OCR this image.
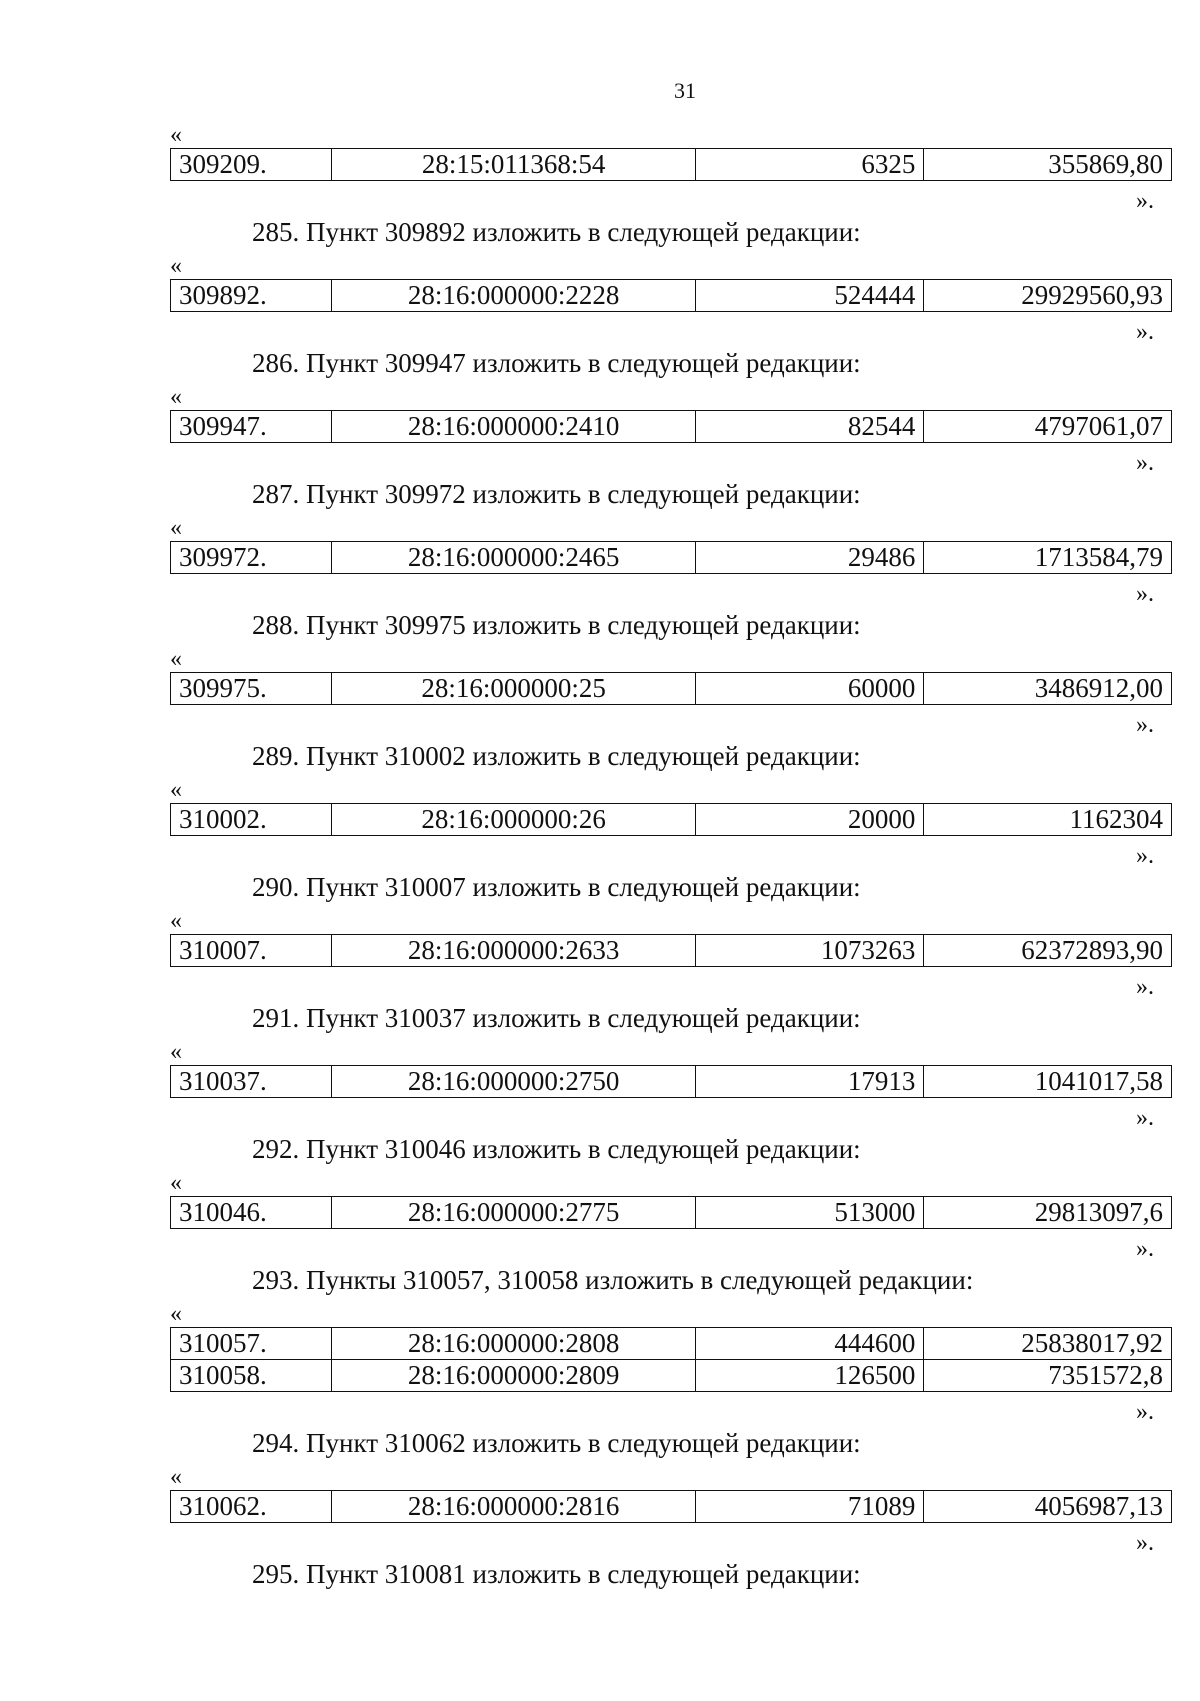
31
«
309209.	28:15:011368:54	6325	355869,80
».
285. Пункт 309892 изложить в следующей редакции:
«
309892.	28:16:000000:2228	524444	29929560,93
».
286. Пункт 309947 изложить в следующей редакции:
«
309947.	28:16:000000:2410	82544	4797061,07
».
287. Пункт 309972 изложить в следующей редакции:
«
309972.	28:16:000000:2465	29486	1713584,79
».
288. Пункт 309975 изложить в следующей редакции:
«
309975.	28:16:000000:25	60000	3486912,00
».
289. Пункт 310002 изложить в следующей редакции:
«
310002.	28:16:000000:26	20000	1162304
».
290. Пункт 310007 изложить в следующей редакции:
«
310007.	28:16:000000:2633	1073263	62372893,90
».
291. Пункт 310037 изложить в следующей редакции:
«
310037.	28:16:000000:2750	17913	1041017,58
».
292. Пункт 310046 изложить в следующей редакции:
«
310046.	28:16:000000:2775	513000	29813097,6
».
293. Пункты 310057, 310058 изложить в следующей редакции:
«
310057.	28:16:000000:2808	444600	25838017,92
310058.	28:16:000000:2809	126500	7351572,8
».
294. Пункт 310062 изложить в следующей редакции:
«
310062.	28:16:000000:2816	71089	4056987,13
».
295. Пункт 310081 изложить в следующей редакции:
